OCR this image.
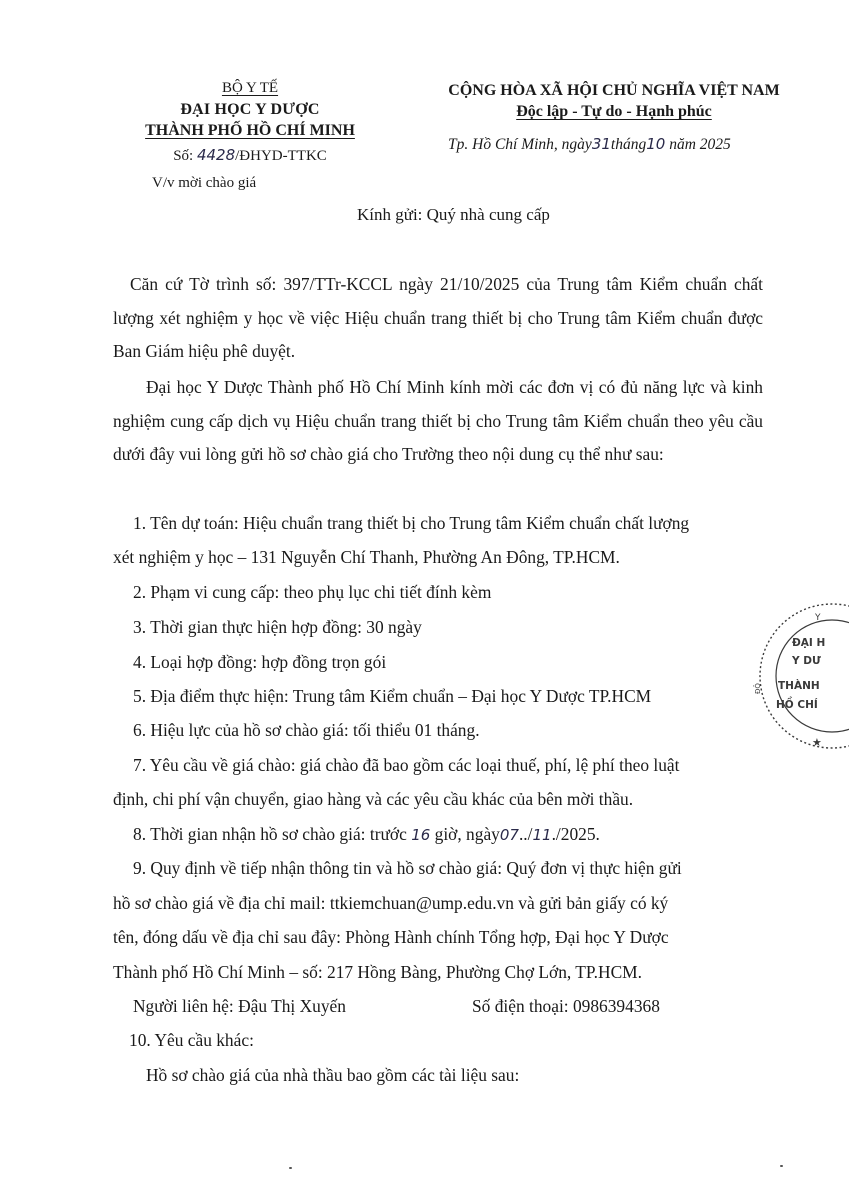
BỘ Y TẾ
ĐẠI HỌC Y DƯỢC
THÀNH PHỐ HỒ CHÍ MINH
Số: 4428/ĐHYD-TTKC
V/v mời chào giá
CỘNG HÒA XÃ HỘI CHỦ NGHĨA VIỆT NAM
Độc lập - Tự do - Hạnh phúc
Tp. Hồ Chí Minh, ngày31tháng10 năm 2025
Kính gửi: Quý nhà cung cấp
Căn cứ Tờ trình số: 397/TTr-KCCL ngày 21/10/2025 của Trung tâm Kiểm chuẩn chất lượng xét nghiệm y học về việc Hiệu chuẩn trang thiết bị cho Trung tâm Kiểm chuẩn được Ban Giám hiệu phê duyệt.
Đại học Y Dược Thành phố Hồ Chí Minh kính mời các đơn vị có đủ năng lực và kinh nghiệm cung cấp dịch vụ Hiệu chuẩn trang thiết bị cho Trung tâm Kiểm chuẩn theo yêu cầu dưới đây vui lòng gửi hồ sơ chào giá cho Trường theo nội dung cụ thể như sau:
1. Tên dự toán: Hiệu chuẩn trang thiết bị cho Trung tâm Kiểm chuẩn chất lượng
xét nghiệm y học – 131 Nguyễn Chí Thanh, Phường An Đông, TP.HCM.
2. Phạm vi cung cấp: theo phụ lục chi tiết đính kèm
3. Thời gian thực hiện hợp đồng: 30 ngày
4. Loại hợp đồng: hợp đồng trọn gói
5. Địa điểm thực hiện: Trung tâm Kiểm chuẩn – Đại học Y Dược TP.HCM
6. Hiệu lực của hồ sơ chào giá: tối thiểu 01 tháng.
7. Yêu cầu về giá chào: giá chào đã bao gồm các loại thuế, phí, lệ phí theo luật
định, chi phí vận chuyển, giao hàng và các yêu cầu khác của bên mời thầu.
8. Thời gian nhận hồ sơ chào giá: trước 16 giờ, ngày07../11./2025.
9. Quy định về tiếp nhận thông tin và hồ sơ chào giá: Quý đơn vị thực hiện gửi
hồ sơ chào giá về địa chỉ mail: ttkiemchuan@ump.edu.vn và gửi bản giấy có ký
tên, đóng dấu về địa chỉ sau đây: Phòng Hành chính Tổng hợp, Đại học Y Dược
Thành phố Hồ Chí Minh – số: 217 Hồng Bàng, Phường Chợ Lớn, TP.HCM.
Người liên hệ: Đậu Thị Xuyến	Số điện thoại: 0986394368
10. Yêu cầu khác:
Hồ sơ chào giá của nhà thầu bao gồm các tài liệu sau:
Y
ĐẠI H
Y DƯ
THÀNH
HỒ CHÍ
ĐÔ
★
